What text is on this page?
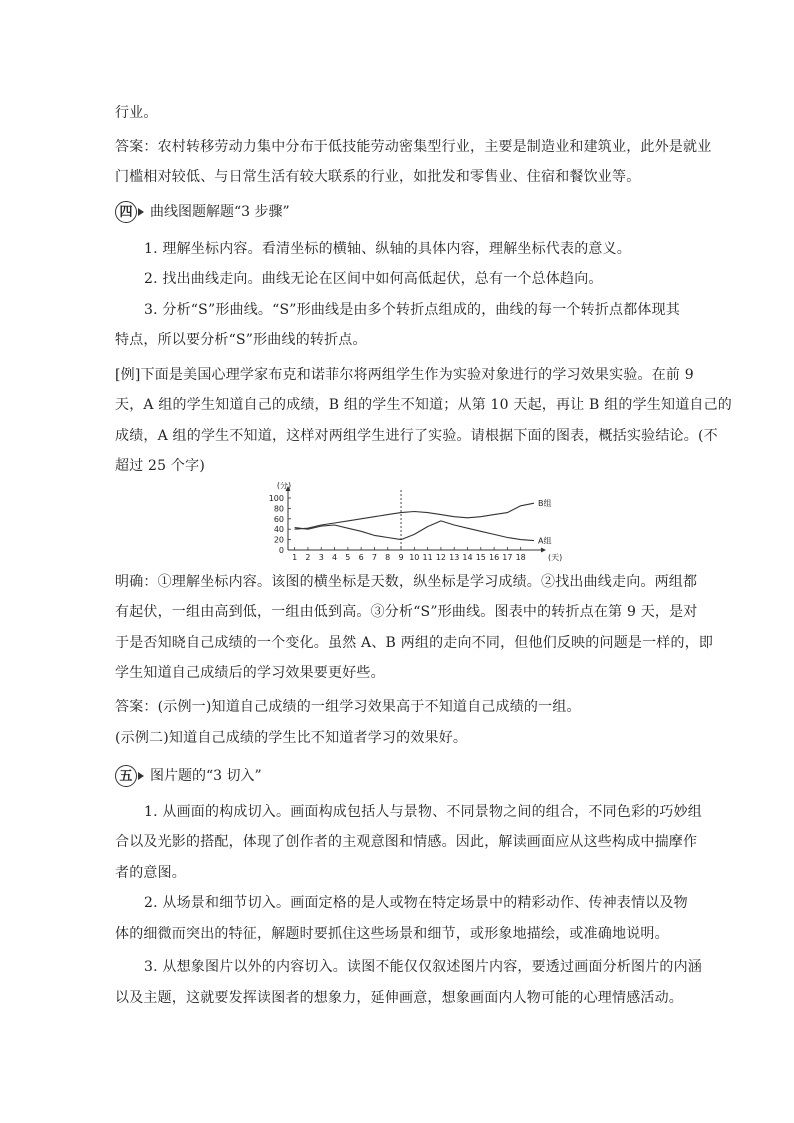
行业。
答案：农村转移劳动力集中分布于低技能劳动密集型行业，主要是制造业和建筑业，此外是就业
门槛相对较低、与日常生活有较大联系的行业，如批发和零售业、住宿和餐饮业等。
四	曲线图题解题“3 步骤”
1. 理解坐标内容。看清坐标的横轴、纵轴的具体内容，理解坐标代表的意义。
2. 找出曲线走向。曲线无论在区间中如何高低起伏，总有一个总体趋向。
3. 分析“S”形曲线。“S”形曲线是由多个转折点组成的，曲线的每一个转折点都体现其
特点，所以要分析“S”形曲线的转折点。
[例]下面是美国心理学家布克和诺菲尔将两组学生作为实验对象进行的学习效果实验。在前 9
天，A 组的学生知道自己的成绩，B 组的学生不知道；从第 10 天起，再让 B 组的学生知道自己的
成绩，A 组的学生不知道，这样对两组学生进行了实验。请根据下面的图表，概括实验结论。(不
超过 25 个字)
0
20
40
60
80
100
1 2 3 4 5 6 7 8 9 10 11 12 13 14 15 16 17 18
(分)
(天)
B组
A组
明确：①理解坐标内容。该图的横坐标是天数，纵坐标是学习成绩。②找出曲线走向。两组都
有起伏，一组由高到低，一组由低到高。③分析“S”形曲线。图表中的转折点在第 9 天，是对
于是否知晓自己成绩的一个变化。虽然 A、B 两组的走向不同，但他们反映的问题是一样的，即
学生知道自己成绩后的学习效果要更好些。
答案：(示例一)知道自己成绩的一组学习效果高于不知道自己成绩的一组。
(示例二)知道自己成绩的学生比不知道者学习的效果好。
五	图片题的“3 切入”
1. 从画面的构成切入。画面构成包括人与景物、不同景物之间的组合，不同色彩的巧妙组
合以及光影的搭配，体现了创作者的主观意图和情感。因此，解读画面应从这些构成中揣摩作
者的意图。
2. 从场景和细节切入。画面定格的是人或物在特定场景中的精彩动作、传神表情以及物
体的细微而突出的特征，解题时要抓住这些场景和细节，或形象地描绘，或准确地说明。
3. 从想象图片以外的内容切入。读图不能仅仅叙述图片内容，要透过画面分析图片的内涵
以及主题，这就要发挥读图者的想象力，延伸画意，想象画面内人物可能的心理情感活动。
